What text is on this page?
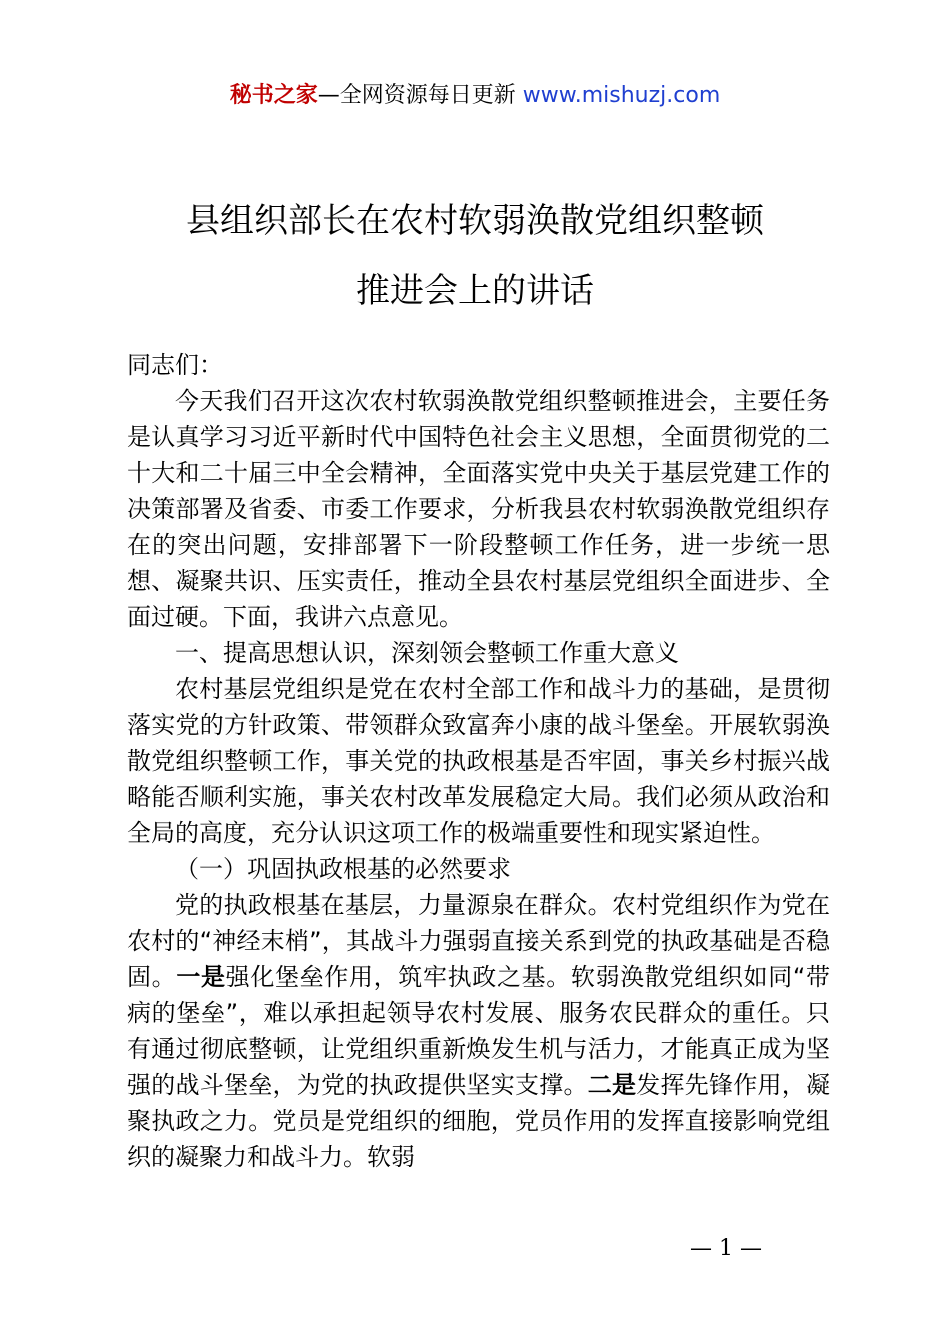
秘书之家—全网资源每日更新 www.mishuzj.com
县组织部长在农村软弱涣散党组织整顿
推进会上的讲话

同志们：

今天我们召开这次农村软弱涣散党组织整顿推进会，主要任务是认真学习习近平新时代中国特色社会主义思想，全面贯彻党的二十大和二十届三中全会精神，全面落实党中央关于基层党建工作的决策部署及省委、市委工作要求，分析我县农村软弱涣散党组织存在的突出问题，安排部署下一阶段整顿工作任务，进一步统一思想、凝聚共识、压实责任，推动全县农村基层党组织全面进步、全面过硬。下面，我讲六点意见。

一、提高思想认识，深刻领会整顿工作重大意义

农村基层党组织是党在农村全部工作和战斗力的基础，是贯彻落实党的方针政策、带领群众致富奔小康的战斗堡垒。开展软弱涣散党组织整顿工作，事关党的执政根基是否牢固，事关乡村振兴战略能否顺利实施，事关农村改革发展稳定大局。我们必须从政治和全局的高度，充分认识这项工作的极端重要性和现实紧迫性。

（一）巩固执政根基的必然要求

党的执政根基在基层，力量源泉在群众。农村党组织作为党在农村的“神经末梢”，其战斗力强弱直接关系到党的执政基础是否稳固。一是强化堡垒作用，筑牢执政之基。软弱涣散党组织如同“带病的堡垒”，难以承担起领导农村发展、服务农民群众的重任。只有通过彻底整顿，让党组织重新焕发生机与活力，才能真正成为坚强的战斗堡垒，为党的执政提供坚实支撑。二是发挥先锋作用，凝聚执政之力。党员是党组织的细胞，党员作用的发挥直接影响党组织的凝聚力和战斗力。软弱

— 1 —
